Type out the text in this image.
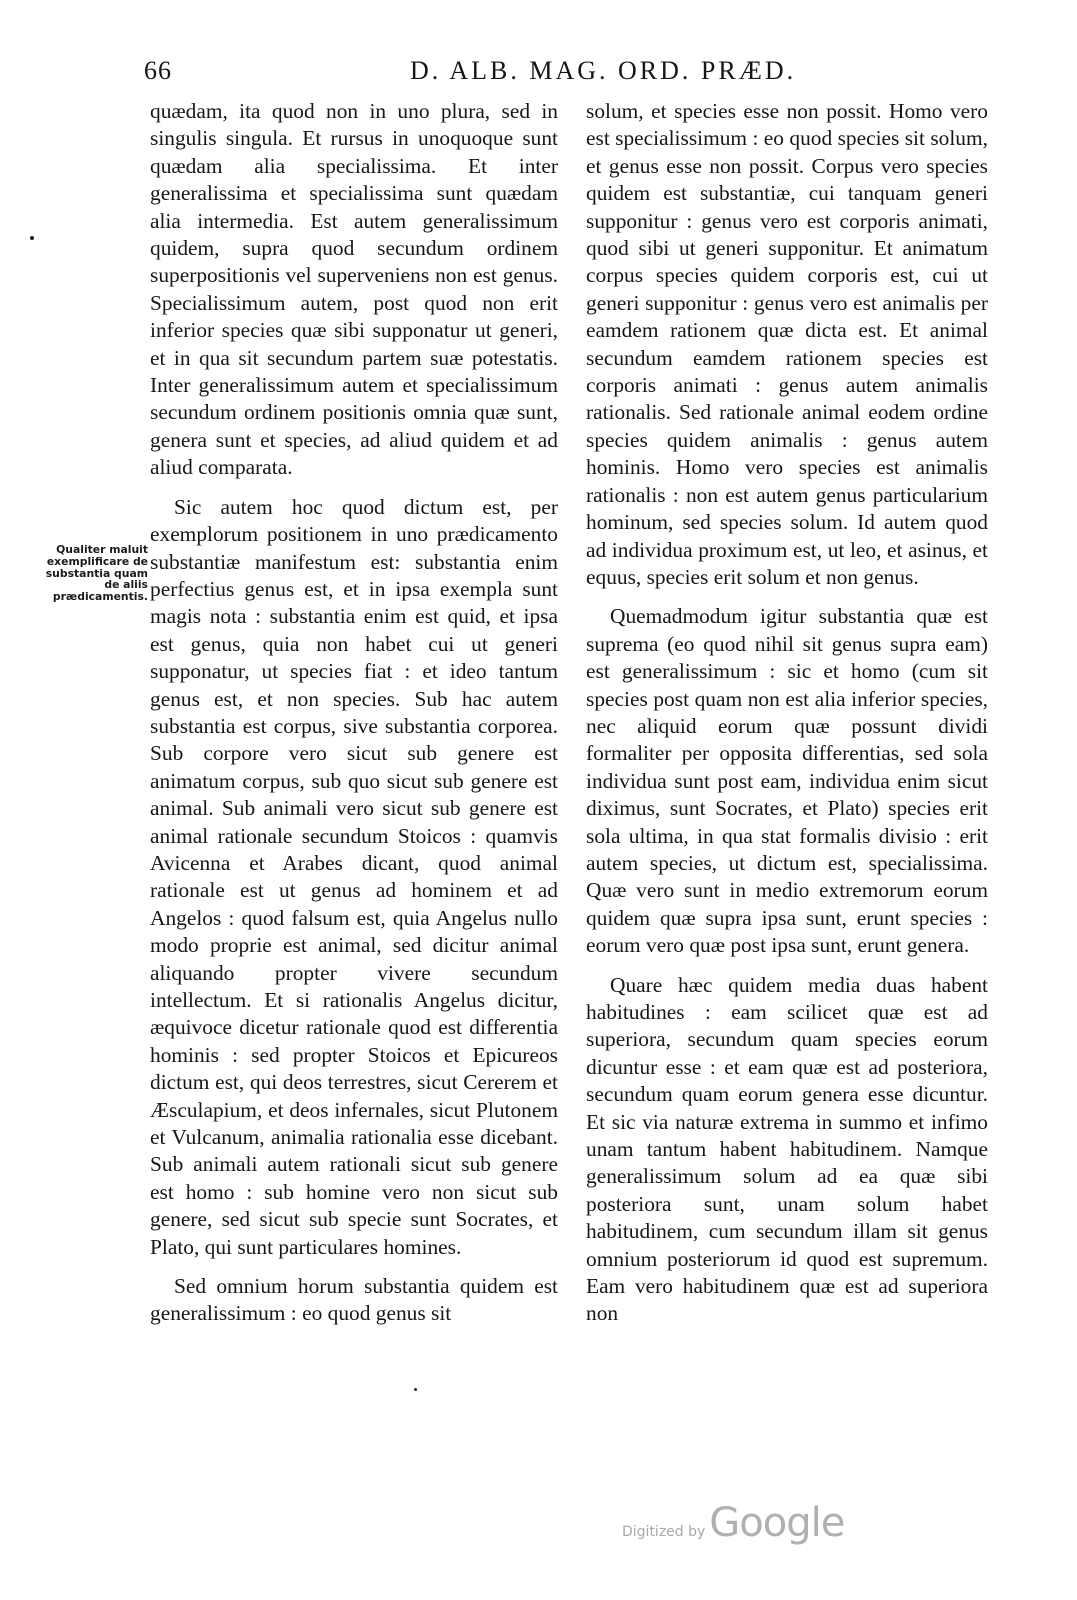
66	D. ALB. MAG. ORD. PRÆD.
Qualiter maluit exemplificare de substantia quam de aliis prædicamentis.

quædam, ita quod non in uno plura, sed in singulis singula. Et rursus in unoquoque sunt quædam alia specialissima. Et inter generalissima et specialissima sunt quædam alia intermedia. Est autem generalissimum quidem, supra quod secundum ordinem superpositionis vel superveniens non est genus. Specialissimum autem, post quod non erit inferior species quæ sibi supponatur ut generi, et in qua sit secundum partem suæ potestatis. Inter generalissimum autem et specialissimum secundum ordinem positionis omnia quæ sunt, genera sunt et species, ad aliud quidem et ad aliud comparata.

Sic autem hoc quod dictum est, per exemplorum positionem in uno prædicamento substantiæ manifestum est: substantia enim perfectius genus est, et in ipsa exempla sunt magis nota : substantia enim est quid, et ipsa est genus, quia non habet cui ut generi supponatur, ut species fiat : et ideo tantum genus est, et non species. Sub hac autem substantia est corpus, sive substantia corporea. Sub corpore vero sicut sub genere est animatum corpus, sub quo sicut sub genere est animal. Sub animali vero sicut sub genere est animal rationale secundum Stoicos : quamvis Avicenna et Arabes dicant, quod animal rationale est ut genus ad hominem et ad Angelos : quod falsum est, quia Angelus nullo modo proprie est animal, sed dicitur animal aliquando propter vivere secundum intellectum. Et si rationalis Angelus dicitur, æquivoce dicetur rationale quod est differentia hominis : sed propter Stoicos et Epicureos dictum est, qui deos terrestres, sicut Cererem et Æsculapium, et deos infernales, sicut Plutonem et Vulcanum, animalia rationalia esse dicebant. Sub animali autem rationali sicut sub genere est homo : sub homine vero non sicut sub genere, sed sicut sub specie sunt Socrates, et Plato, qui sunt particulares homines.

Sed omnium horum substantia quidem est generalissimum : eo quod genus sit

solum, et species esse non possit. Homo vero est specialissimum : eo quod species sit solum, et genus esse non possit. Corpus vero species quidem est substantiæ, cui tanquam generi supponitur : genus vero est corporis animati, quod sibi ut generi supponitur. Et animatum corpus species quidem corporis est, cui ut generi supponitur : genus vero est animalis per eamdem rationem quæ dicta est. Et animal secundum eamdem rationem species est corporis animati : genus autem animalis rationalis. Sed rationale animal eodem ordine species quidem animalis : genus autem hominis. Homo vero species est animalis rationalis : non est autem genus particularium hominum, sed species solum. Id autem quod ad individua proximum est, ut leo, et asinus, et equus, species erit solum et non genus.

Quemadmodum igitur substantia quæ est suprema (eo quod nihil sit genus supra eam) est generalissimum : sic et homo (cum sit species post quam non est alia inferior species, nec aliquid eorum quæ possunt dividi formaliter per opposita differentias, sed sola individua sunt post eam, individua enim sicut diximus, sunt Socrates, et Plato) species erit sola ultima, in qua stat formalis divisio : erit autem species, ut dictum est, specialissima. Quæ vero sunt in medio extremorum eorum quidem quæ supra ipsa sunt, erunt species : eorum vero quæ post ipsa sunt, erunt genera.

Quare hæc quidem media duas habent habitudines : eam scilicet quæ est ad superiora, secundum quam species eorum dicuntur esse : et eam quæ est ad posteriora, secundum quam eorum genera esse dicuntur. Et sic via naturæ extrema in summo et infimo unam tantum habent habitudinem. Namque generalissimum solum ad ea quæ sibi posteriora sunt, unam solum habet habitudinem, cum secundum illam sit genus omnium posteriorum id quod est supremum. Eam vero habitudinem quæ est ad superiora non

Digitized by Google
